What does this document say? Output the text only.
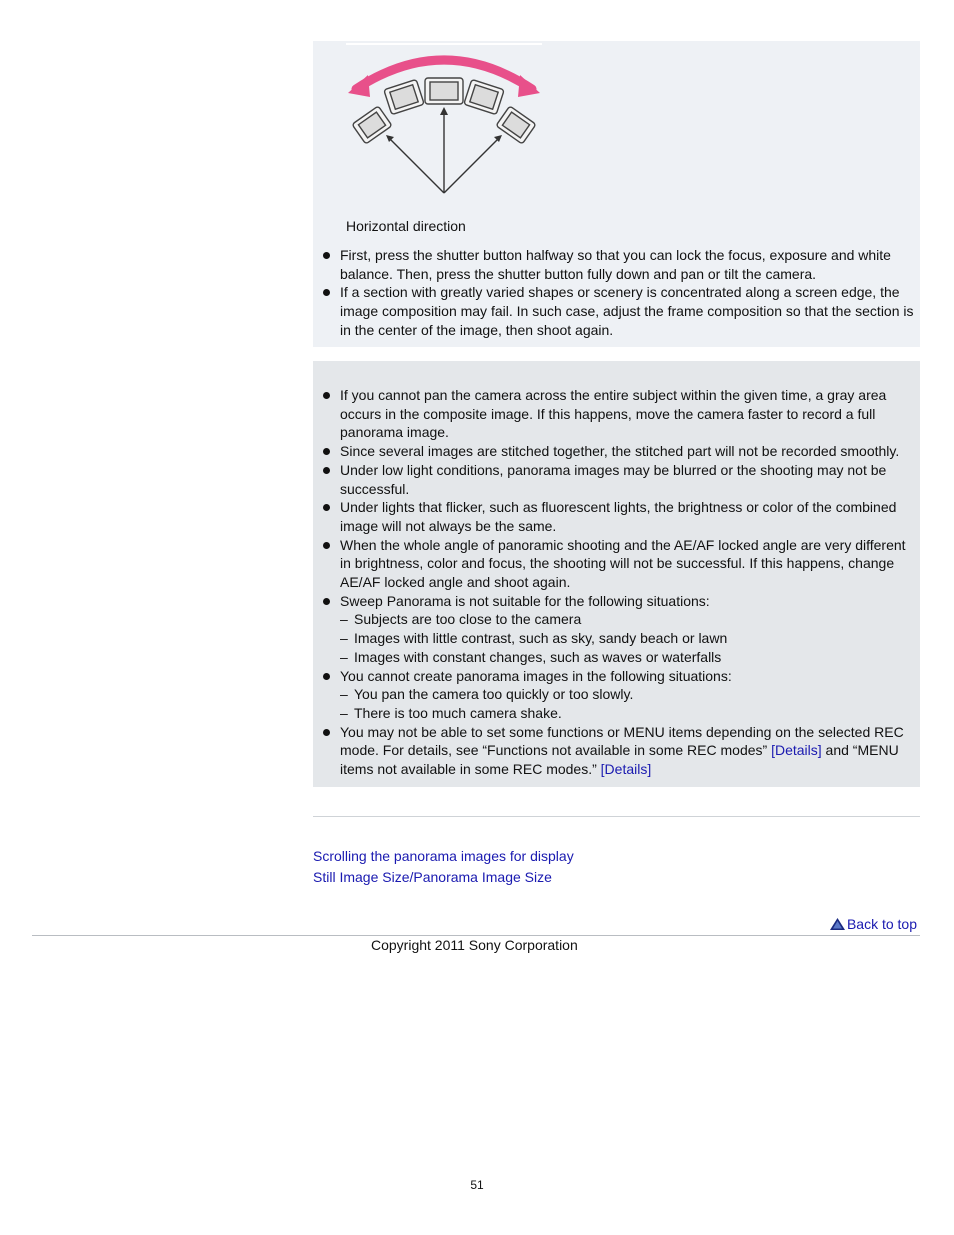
Horizontal direction
First, press the shutter button halfway so that you can lock the focus, exposure and white balance. Then, press the shutter button fully down and pan or tilt the camera.
If a section with greatly varied shapes or scenery is concentrated along a screen edge, the image composition may fail. In such case, adjust the frame composition so that the section is in the center of the image, then shoot again.
If you cannot pan the camera across the entire subject within the given time, a gray area occurs in the composite image. If this happens, move the camera faster to record a full panorama image.
Since several images are stitched together, the stitched part will not be recorded smoothly.
Under low light conditions, panorama images may be blurred or the shooting may not be successful.
Under lights that flicker, such as fluorescent lights, the brightness or color of the combined image will not always be the same.
When the whole angle of panoramic shooting and the AE/AF locked angle are very different in brightness, color and focus, the shooting will not be successful. If this happens, change AE/AF locked angle and shoot again.
Sweep Panorama is not suitable for the following situations:
– Subjects are too close to the camera
– Images with little contrast, such as sky, sandy beach or lawn
– Images with constant changes, such as waves or waterfalls
You cannot create panorama images in the following situations:
– You pan the camera too quickly or too slowly.
– There is too much camera shake.
You may not be able to set some functions or MENU items depending on the selected REC mode. For details, see “Functions not available in some REC modes” [Details] and “MENU items not available in some REC modes.” [Details]
Scrolling the panorama images for display
Still Image Size/Panorama Image Size
Back to top
Copyright 2011 Sony Corporation
51
